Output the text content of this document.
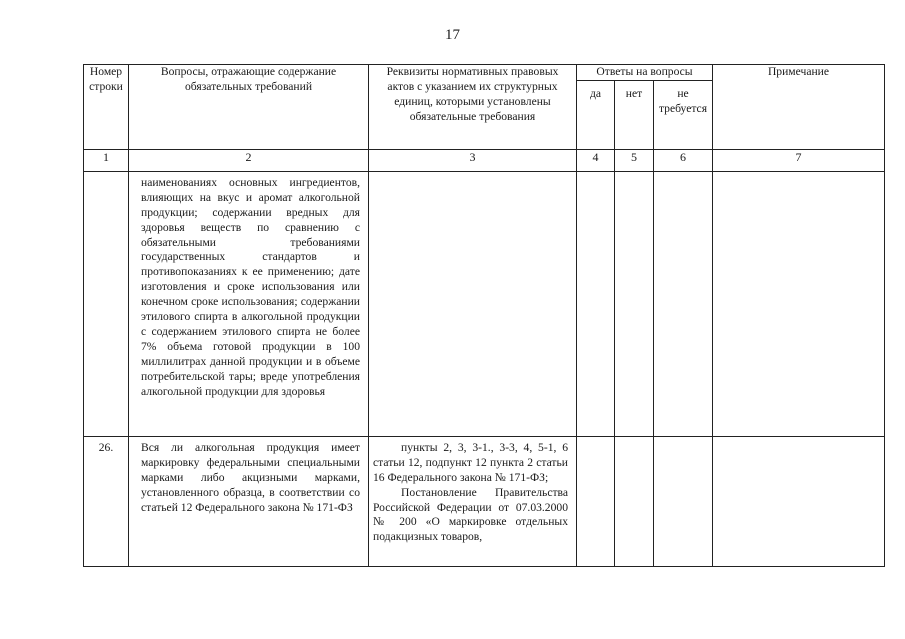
17
Номер строки	Вопросы, отражающие содержание обязательных требований	Реквизиты нормативных правовых актов с указанием их структурных единиц, которыми установлены обязательные требования	Ответы на вопросы			Примечание
			да	нет	не требуется	
1	2	3	4	5	6	7
	наименованиях основных ингредиентов, влияющих на вкус и аромат алкогольной продукции; содержании вредных для здоровья веществ по сравнению с обязательными требованиями государственных стандартов и противопоказаниях к ее применению; дате изготовления и сроке использования или конечном сроке использования; содержании этилового спирта в алкогольной продукции с содержанием этилового спирта не более 7% объема готовой продукции в 100 миллилитрах данной продукции и в объеме потребительской тары; вреде употребления алкогольной продукции для здоровья					
26.	Вся ли алкогольная продукция имеет маркировку федеральными специальными марками либо акцизными марками, установленного образца, в соответствии со статьей 12 Федерального закона № 171-ФЗ	пункты 2, 3, 3-1., 3-3, 4, 5-1, 6 статьи 12, подпункт 12 пункта 2 статьи 16 Федерального закона № 171-ФЗ;

Постановление Правительства Российской Федерации от 07.03.2000 № 200 «О маркировке отдельных подакцизных товаров,				
